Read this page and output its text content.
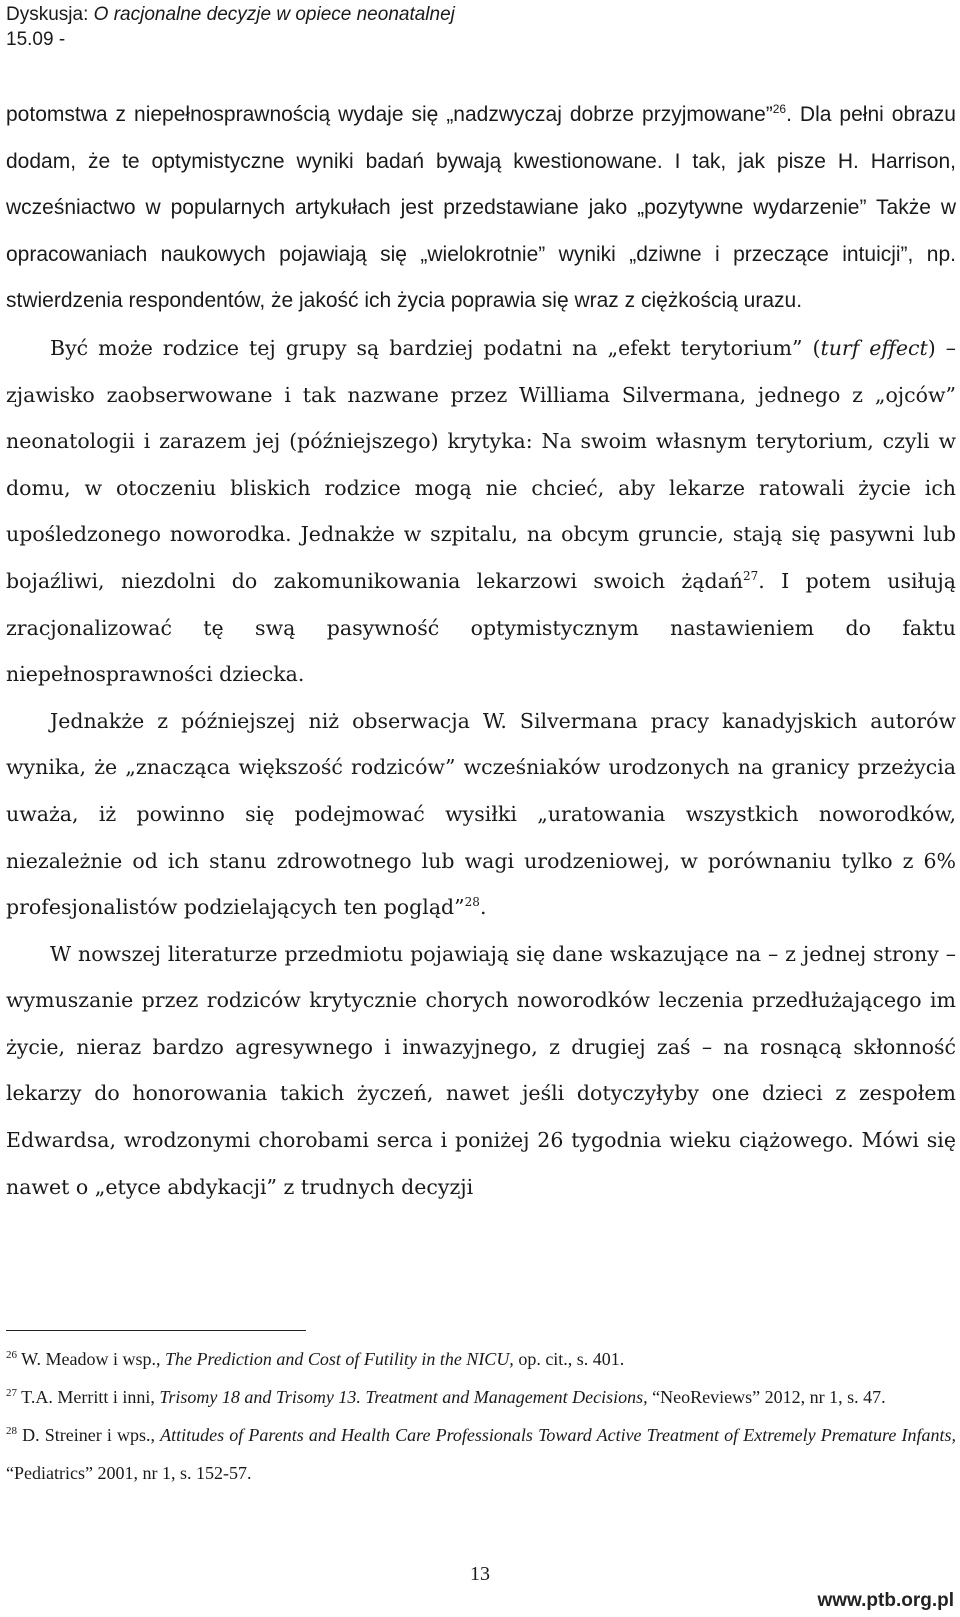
Dyskusja: O racjonalne decyzje w opiece neonatalnej
15.09 -

potomstwa z niepełnosprawnością wydaje się „nadzwyczaj dobrze przyjmowane”$^{26}$. Dla pełni obrazu dodam, że te optymistyczne wyniki badań bywają kwestionowane. I tak, jak pisze H. Harrison, wcześniactwo w popularnych artykułach jest przedstawiane jako „pozytywne wydarzenie” Także w opracowaniach naukowych pojawiają się „wielokrotnie” wyniki „dziwne i przeczące intuicji”, np. stwierdzenia respondentów, że jakość ich życia poprawia się wraz z ciężkością urazu.

Być może rodzice tej grupy są bardziej podatni na „efekt terytorium” (turf effect) – zjawisko zaobserwowane i tak nazwane przez Williama Silvermana, jednego z „ojców” neonatologii i zarazem jej (późniejszego) krytyka: Na swoim własnym terytorium, czyli w domu, w otoczeniu bliskich rodzice mogą nie chcieć, aby lekarze ratowali życie ich upośledzonego noworodka. Jednakże w szpitalu, na obcym gruncie, stają się pasywni lub bojaźliwi, niezdolni do zakomunikowania lekarzowi swoich żądań$^{27}$. I potem usiłują zracjonalizować tę swą pasywność optymistycznym nastawieniem do faktu niepełnosprawności dziecka.

Jednakże z późniejszej niż obserwacja W. Silvermana pracy kanadyjskich autorów wynika, że „znacząca większość rodziców” wcześniaków urodzonych na granicy przeżycia uważa, iż powinno się podejmować wysiłki „uratowania wszystkich noworodków, niezależnie od ich stanu zdrowotnego lub wagi urodzeniowej, w porównaniu tylko z 6% profesjonalistów podzielających ten pogląd”$^{28}$.

W nowszej literaturze przedmiotu pojawiają się dane wskazujące na – z jednej strony – wymuszanie przez rodziców krytycznie chorych noworodków leczenia przedłużającego im życie, nieraz bardzo agresywnego i inwazyjnego, z drugiej zaś – na rosnącą skłonność lekarzy do honorowania takich życzeń, nawet jeśli dotyczyłyby one dzieci z zespołem Edwardsa, wrodzonymi chorobami serca i poniżej 26 tygodnia wieku ciążowego. Mówi się nawet o „etyce abdykacji” z trudnych decyzji

$^{26}$ W. Meadow i wsp., The Prediction and Cost of Futility in the NICU, op. cit., s. 401.

$^{27}$ T.A. Merritt i inni, Trisomy 18 and Trisomy 13. Treatment and Management Decisions, “NeoReviews” 2012, nr 1, s. 47.

$^{28}$ D. Streiner i wps., Attitudes of Parents and Health Care Professionals Toward Active Treatment of Extremely Premature Infants, “Pediatrics” 2001, nr 1, s. 152-57.

13
www.ptb.org.pl
